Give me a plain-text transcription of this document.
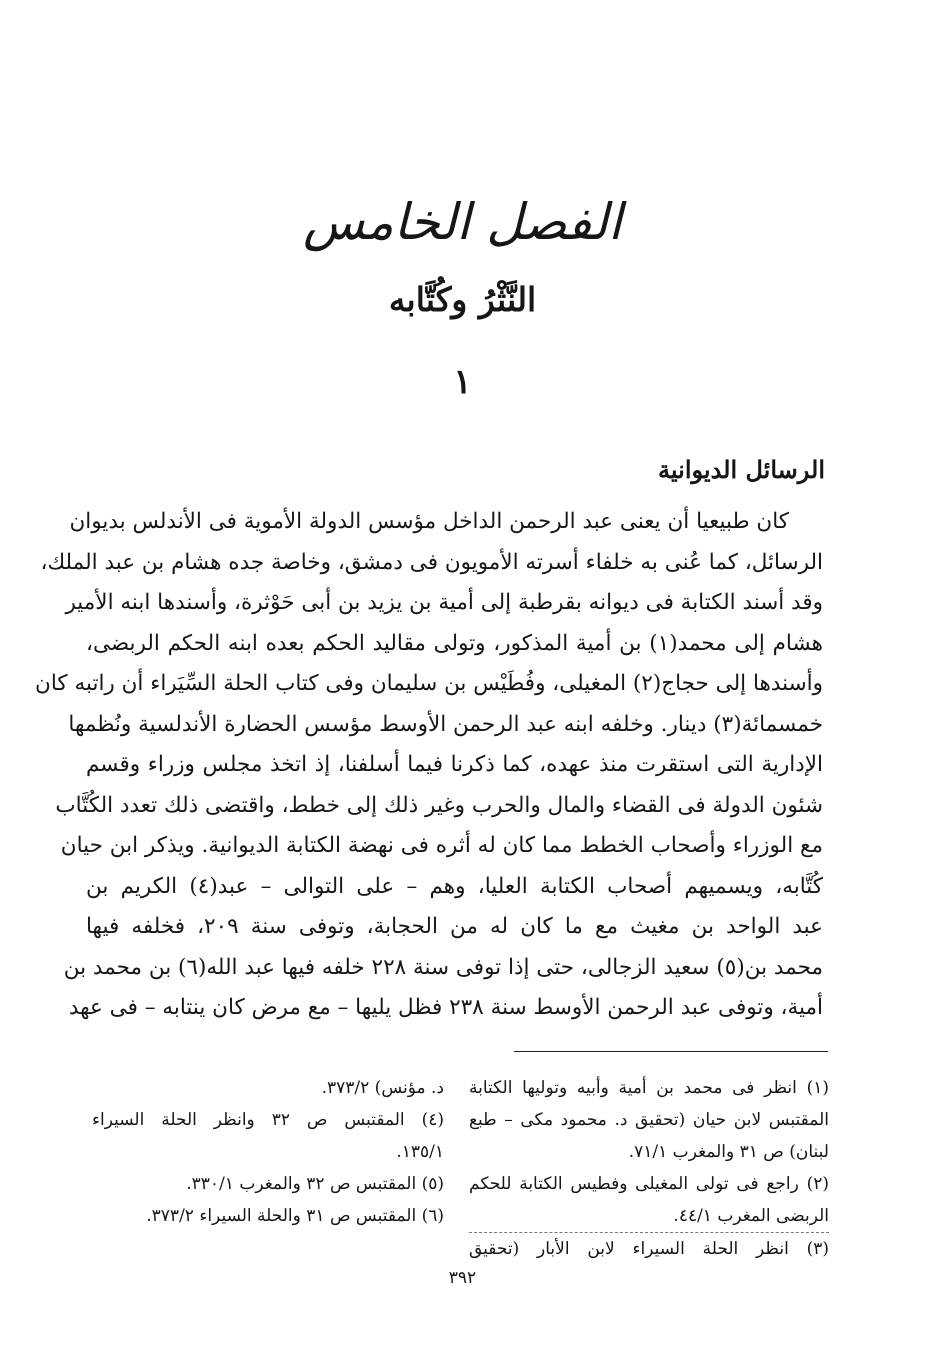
الفصل الخامس
النَّثْرُ وكُتَّابه
١
الرسائل الديوانية
كان طبيعيا أن يعنى عبد الرحمن الداخل مؤسس الدولة الأموية فى الأندلس بديوان
الرسائل، كما عُنى به خلفاء أسرته الأمويون فى دمشق، وخاصة جده هشام بن عبد الملك،
وقد أسند الكتابة فى ديوانه بقرطبة إلى أمية بن يزيد بن أبى حَوْثرة، وأسندها ابنه الأمير
هشام إلى محمد(١) بن أمية المذكور، وتولى مقاليد الحكم بعده ابنه الحكم الربضى،
وأسندها إلى حجاج(٢) المغيلى، وفُطَيْس بن سليمان وفى كتاب الحلة السِّيَراء أن راتبه كان
خمسمائة(٣) دينار. وخلفه ابنه عبد الرحمن الأوسط مؤسس الحضارة الأندلسية ونُظمها
الإدارية التى استقرت منذ عهده، كما ذكرنا فيما أسلفنا، إذ اتخذ مجلس وزراء وقسم
شئون الدولة فى القضاء والمال والحرب وغير ذلك إلى خطط، واقتضى ذلك تعدد الكُتَّاب
مع الوزراء وأصحاب الخطط مما كان له أثره فى نهضة الكتابة الديوانية. ويذكر ابن حيان
كُتَّابه، ويسميهم أصحاب الكتابة العليا، وهم – على التوالى – عبد(٤) الكريم بن
عبد الواحد بن مغيث مع ما كان له من الحجابة، وتوفى سنة ٢٠٩، فخلفه فيها
محمد بن(٥) سعيد الزجالى، حتى إذا توفى سنة ٢٢٨ خلفه فيها عبد الله(٦) بن محمد بن
أمية، وتوفى عبد الرحمن الأوسط سنة ٢٣٨ فظل يليها – مع مرض كان ينتابه – فى عهد
(١) انظر فى محمد بن أمية وأبيه وتوليها الكتابة
المقتبس لابن حيان (تحقيق د. محمود مكى – طبع
لبنان) ص ٣١ والمغرب ٧١/١.
(٢) راجع فى تولى المغيلى وفطيس الكتابة للحكم
الربضى المغرب ٤٤/١.
(٣) انظر الحلة السيراء لابن الأبار (تحقيق
د. مؤنس) ٣٧٣/٢.
(٤) المقتبس ص ٣٢ وانظر الحلة السيراء
١٣٥/١.
(٥) المقتبس ص ٣٢ والمغرب ٣٣٠/١.
(٦) المقتبس ص ٣١ والحلة السيراء ٣٧٣/٢.
٣٩٢
